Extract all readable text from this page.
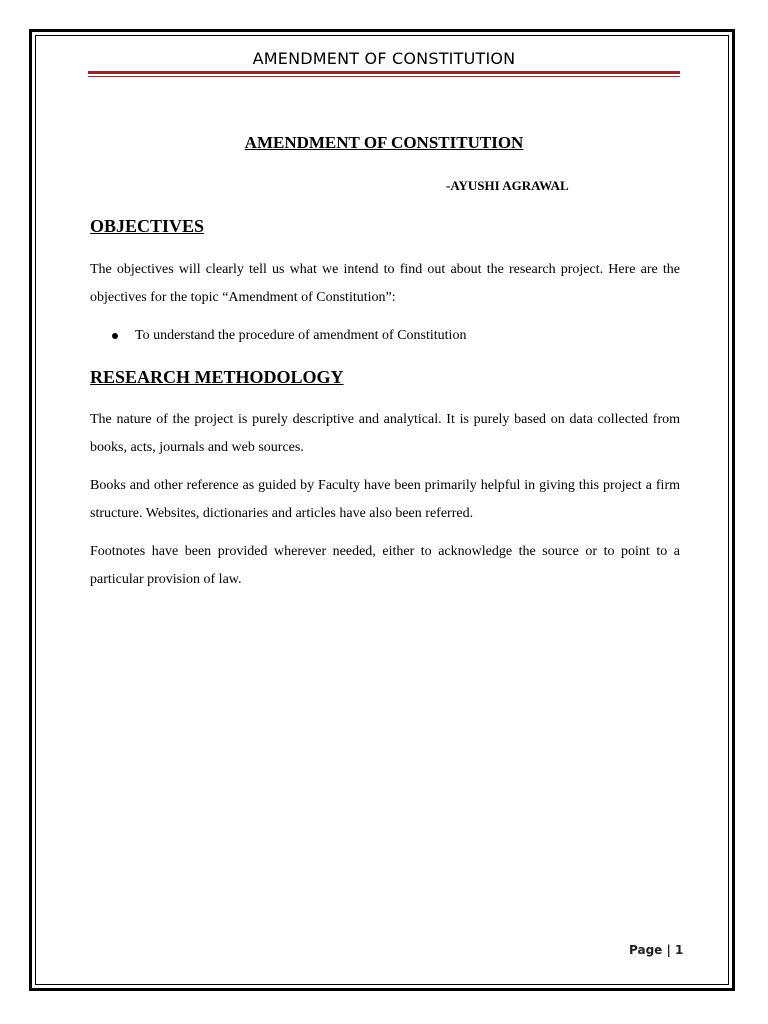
AMENDMENT OF CONSTITUTION
AMENDMENT OF CONSTITUTION
-AYUSHI AGRAWAL
OBJECTIVES
The objectives will clearly tell us what we intend to find out about the research project. Here are the objectives for the topic “Amendment of Constitution”:
To understand the procedure of amendment of Constitution
RESEARCH METHODOLOGY
The nature of the project is purely descriptive and analytical. It is purely based on data collected from books, acts, journals and web sources.
Books and other reference as guided by Faculty have been primarily helpful in giving this project a firm structure. Websites, dictionaries and articles have also been referred.
Footnotes have been provided wherever needed, either to acknowledge the source or to point to a particular provision of law.
Page | 1
